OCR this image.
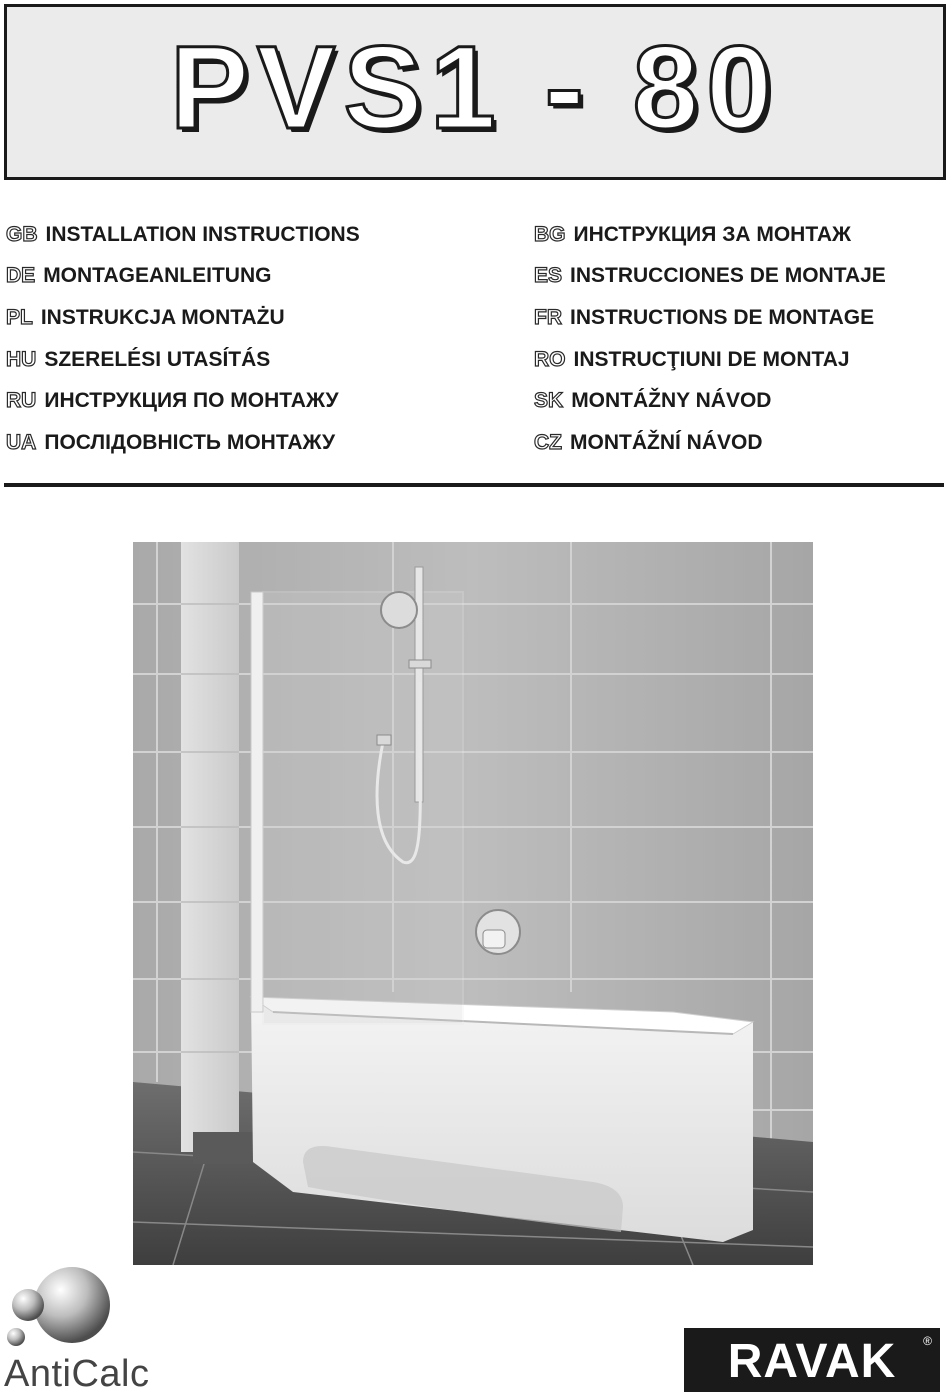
PVS1 - 80
GB INSTALLATION INSTRUCTIONS
DE MONTAGEANLEITUNG
PL INSTRUKCJA MONTAŻU
HU SZERELÉSI UTASÍTÁS
RU ИНСТРУКЦИЯ ПО МОНТАЖУ
UA ПОСЛІДОВНІСТЬ МОНТАЖУ
BG ИНСТРУКЦИЯ ЗА МОНТАЖ
ES INSTRUCCIONES DE MONTAJE
FR INSTRUCTIONS DE MONTAGE
RO INSTRUCŢIUNI DE MONTAJ
SK MONTÁŽNY NÁVOD
CZ MONTÁŽNÍ NÁVOD
AntiCalc	RAVAK	®
